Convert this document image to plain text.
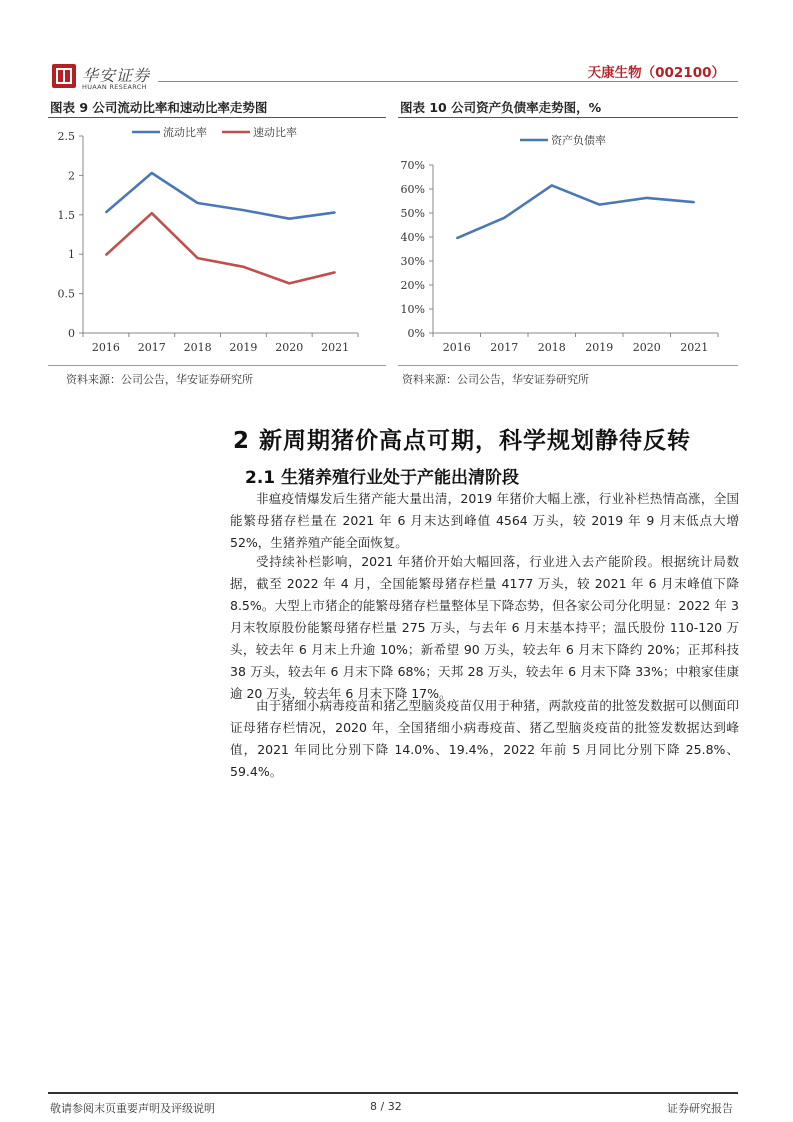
华安证券
HUAAN RESEARCH
天康生物（002100）
图表 9 公司流动比率和速动比率走势图	图表 10 公司资产负债率走势图，%
0
0.5
1
1.5
2
2.5
2016 2017 2018 2019 2020 2021
流动比率	速动比率
0%
10%
20%
30%
40%
50%
60%
70%
2016 2017 2018 2019 2020 2021
资产负债率
资料来源：公司公告，华安证券研究所	资料来源：公司公告，华安证券研究所
2 新周期猪价高点可期，科学规划静待反转
2.1 生猪养殖行业处于产能出清阶段
非瘟疫情爆发后生猪产能大量出清，2019 年猪价大幅上涨，行业补栏热情高涨，全国能繁母猪存栏量在 2021 年 6 月末达到峰值 4564 万头，较 2019 年 9 月末低点大增 52%，生猪养殖产能全面恢复。
受持续补栏影响，2021 年猪价开始大幅回落，行业进入去产能阶段。根据统计局数据，截至 2022 年 4 月，全国能繁母猪存栏量 4177 万头，较 2021 年 6 月末峰值下降 8.5%。大型上市猪企的能繁母猪存栏量整体呈下降态势，但各家公司分化明显：2022 年 3 月末牧原股份能繁母猪存栏量 275 万头，与去年 6 月末基本持平；温氏股份 110-120 万头，较去年 6 月末上升逾 10%；新希望 90 万头，较去年 6 月末下降约 20%；正邦科技 38 万头，较去年 6 月末下降 68%；天邦 28 万头，较去年 6 月末下降 33%；中粮家佳康逾 20 万头，较去年 6 月末下降 17%。
由于猪细小病毒疫苗和猪乙型脑炎疫苗仅用于种猪，两款疫苗的批签发数据可以侧面印证母猪存栏情况，2020 年，全国猪细小病毒疫苗、猪乙型脑炎疫苗的批签发数据达到峰值，2021 年同比分别下降 14.0%、19.4%，2022 年前 5 月同比分别下降 25.8%、59.4%。
敬请参阅末页重要声明及评级说明	8 / 32	证券研究报告
